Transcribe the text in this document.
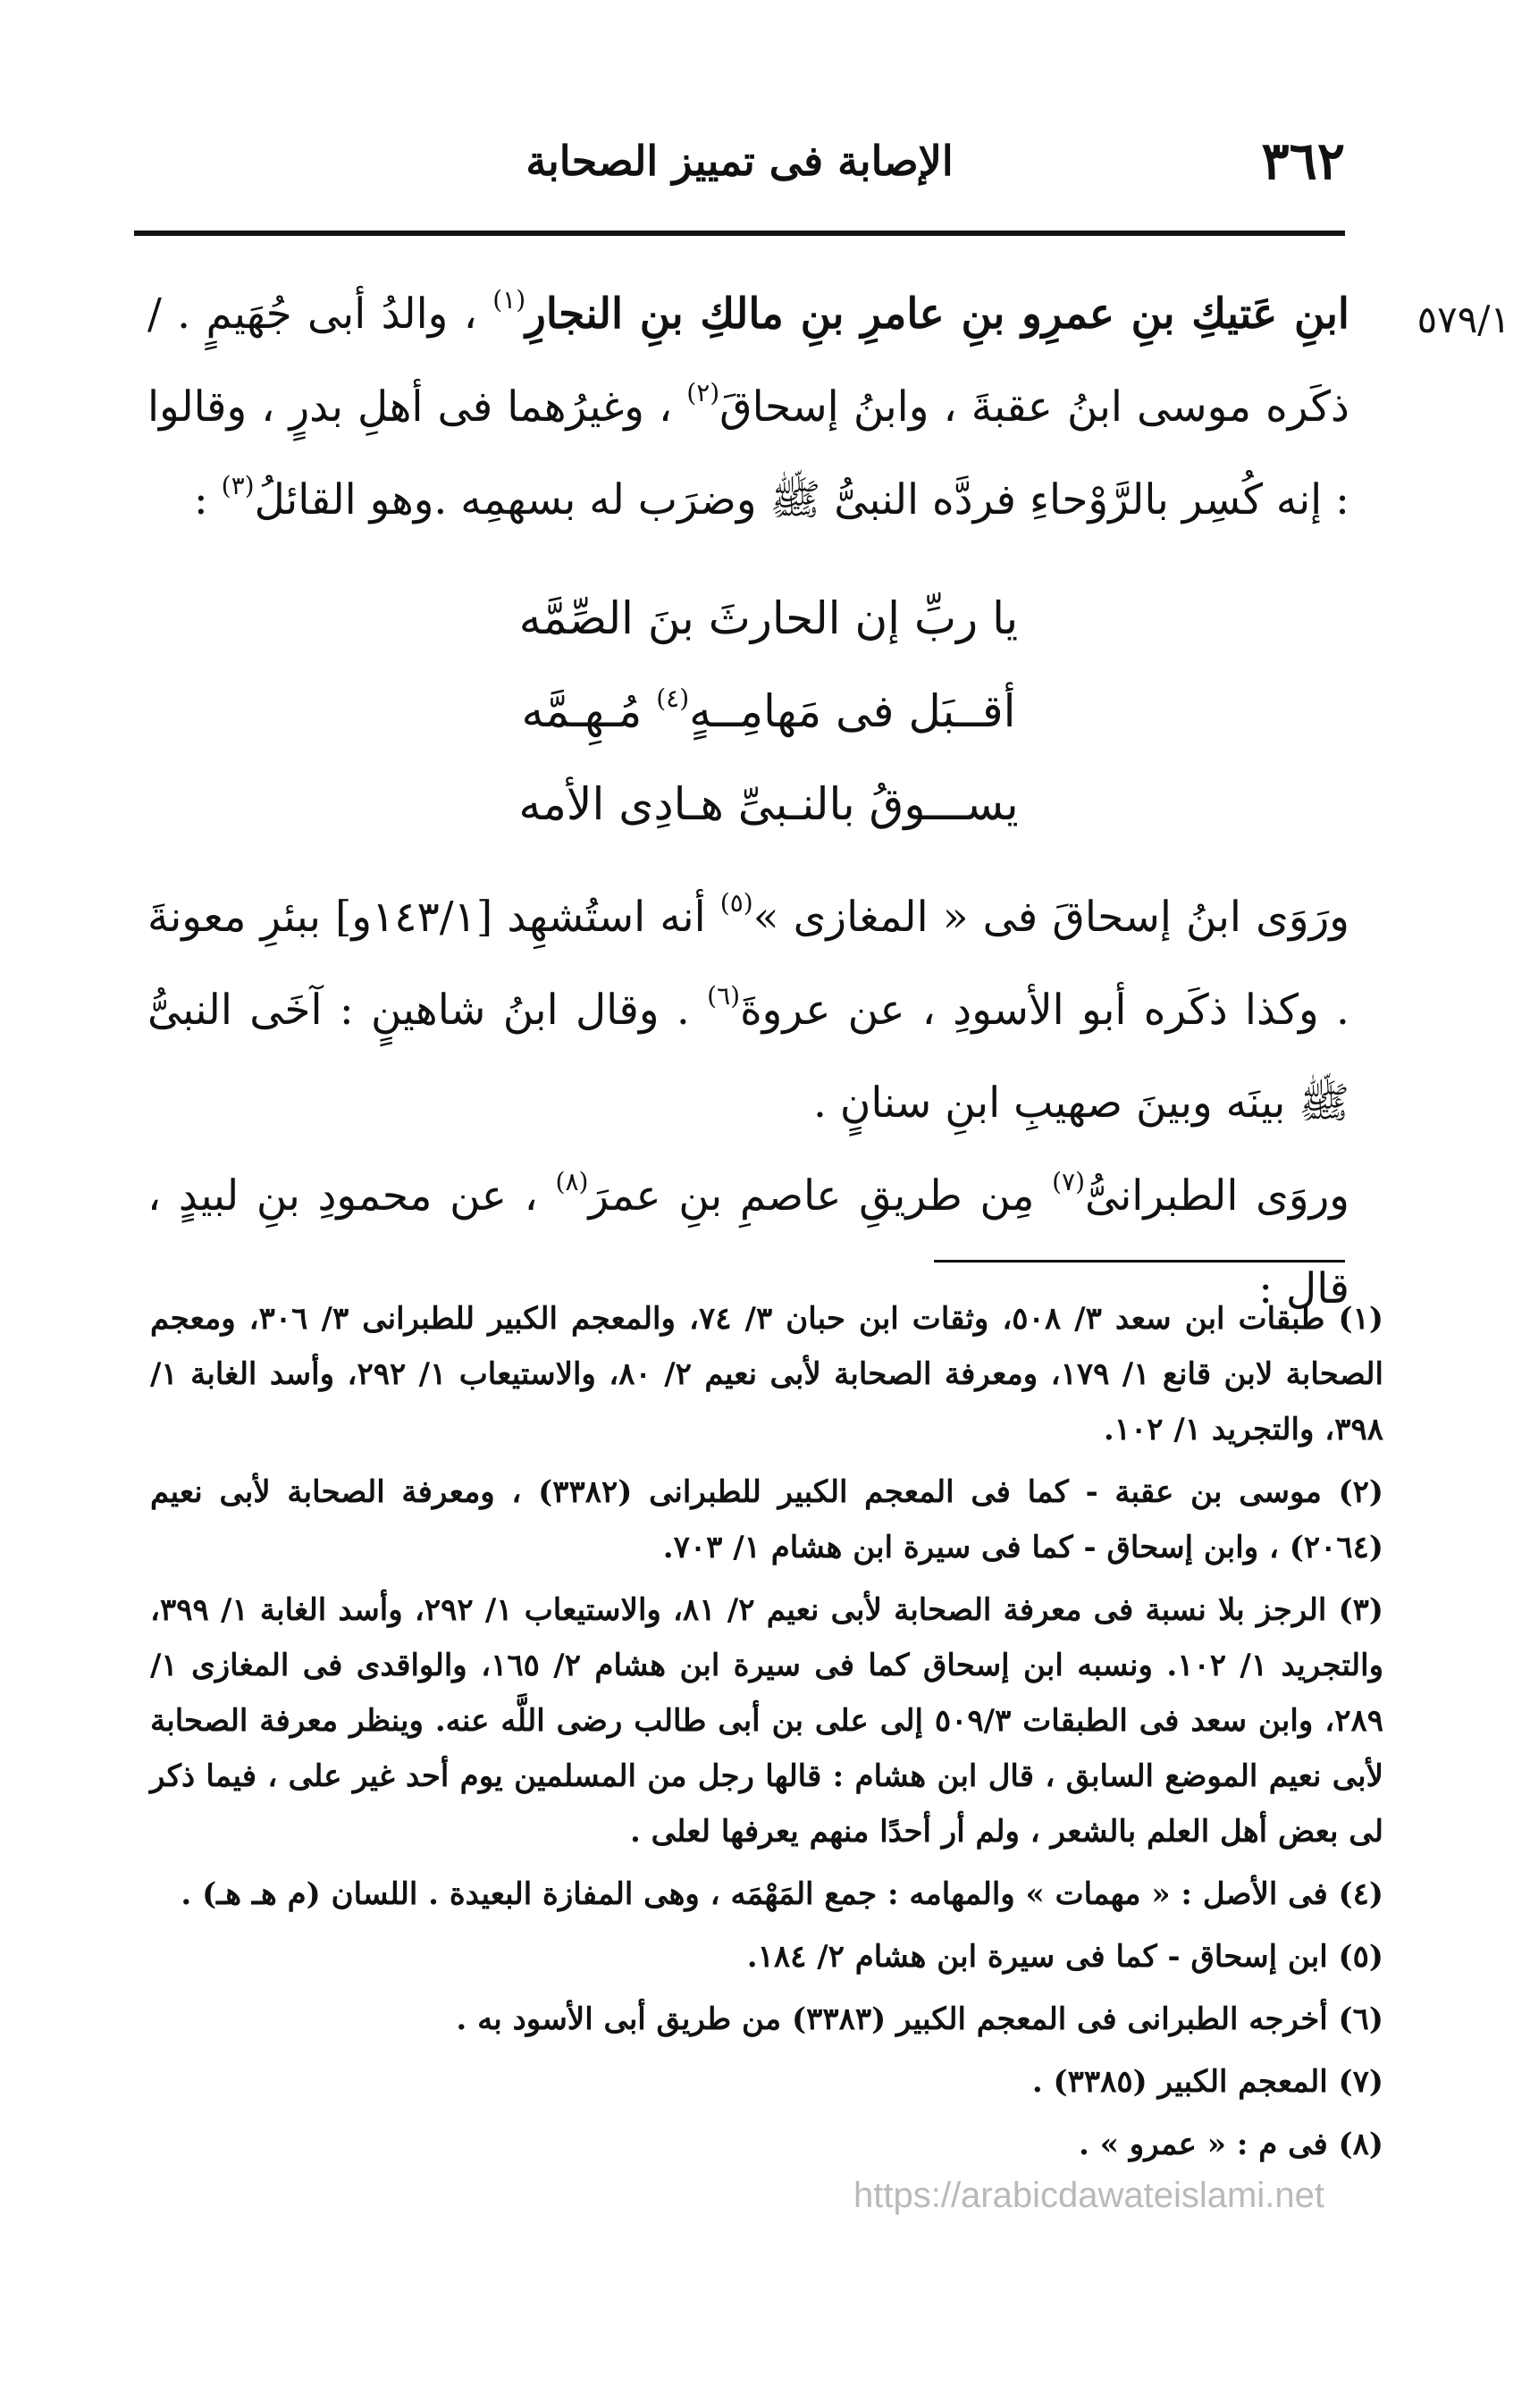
٣٦٢
الإصابة فى تمييز الصحابة
٥٧٩/١

ابنِ عَتيكِ بنِ عمرِو بنِ عامرِ بنِ مالكِ بنِ النجارِ$^{(١)}$ ، والدُ أبى جُهَيمٍ . / ذكَره موسى ابنُ عقبةَ ، وابنُ إسحاقَ$^{(٢)}$ ، وغيرُهما فى أهلِ بدرٍ ، وقالوا : إنه كُسِر بالرَّوْحاءِ فردَّه النبىُّ ﷺ وضرَب له بسهمِه .وهو القائلُ$^{(٣)}$ :

يا ربِّ إن الحارثَ بنَ الصِّمَّه
أقــبَل فى مَهامِــهٍ$^{(٤)}$ مُـهِـمَّه
يســـوقُ بالنـبىِّ هـادِى الأمه

ورَوَى ابنُ إسحاقَ فى « المغازى »$^{(٥)}$ أنه استُشهِد [١٤٣/١و] ببئرِ معونةَ . وكذا ذكَره أبو الأسودِ ، عن عروةَ$^{(٦)}$ . وقال ابنُ شاهينٍ : آخَى النبىُّ ﷺ بينَه وبينَ صهيبِ ابنِ سنانٍ .

وروَى الطبرانىُّ$^{(٧)}$ مِن طريقِ عاصمِ بنِ عمرَ$^{(٨)}$ ، عن محمودِ بنِ لبيدٍ ، قال :

(١) طبقات ابن سعد ٣/ ٥٠٨، وثقات ابن حبان ٣/ ٧٤، والمعجم الكبير للطبرانى ٣/ ٣٠٦، ومعجم الصحابة لابن قانع ١/ ١٧٩، ومعرفة الصحابة لأبى نعيم ٢/ ٨٠، والاستيعاب ١/ ٢٩٢، وأسد الغابة ١/ ٣٩٨، والتجريد ١/ ١٠٢.

(٢) موسى بن عقبة - كما فى المعجم الكبير للطبرانى (٣٣٨٢) ، ومعرفة الصحابة لأبى نعيم (٢٠٦٤) ، وابن إسحاق - كما فى سيرة ابن هشام ١/ ٧٠٣.

(٣) الرجز بلا نسبة فى معرفة الصحابة لأبى نعيم ٢/ ٨١، والاستيعاب ١/ ٢٩٢، وأسد الغابة ١/ ٣٩٩، والتجريد ١/ ١٠٢. ونسبه ابن إسحاق كما فى سيرة ابن هشام ٢/ ١٦٥، والواقدى فى المغازى ١/ ٢٨٩، وابن سعد فى الطبقات ٥٠٩/٣ إلى على بن أبى طالب رضى اللَّه عنه. وينظر معرفة الصحابة لأبى نعيم الموضع السابق ، قال ابن هشام : قالها رجل من المسلمين يوم أحد غير على ، فيما ذكر لى بعض أهل العلم بالشعر ، ولم أر أحدًا منهم يعرفها لعلى .

(٤) فى الأصل : « مهمات » والمهامه : جمع المَهْمَه ، وهى المفازة البعيدة . اللسان (م هـ هـ) .

(٥) ابن إسحاق - كما فى سيرة ابن هشام ٢/ ١٨٤.

(٦) أخرجه الطبرانى فى المعجم الكبير (٣٣٨٣) من طريق أبى الأسود به .

(٧) المعجم الكبير (٣٣٨٥) .

(٨) فى م : « عمرو » .

https://arabicdawateislami.net
